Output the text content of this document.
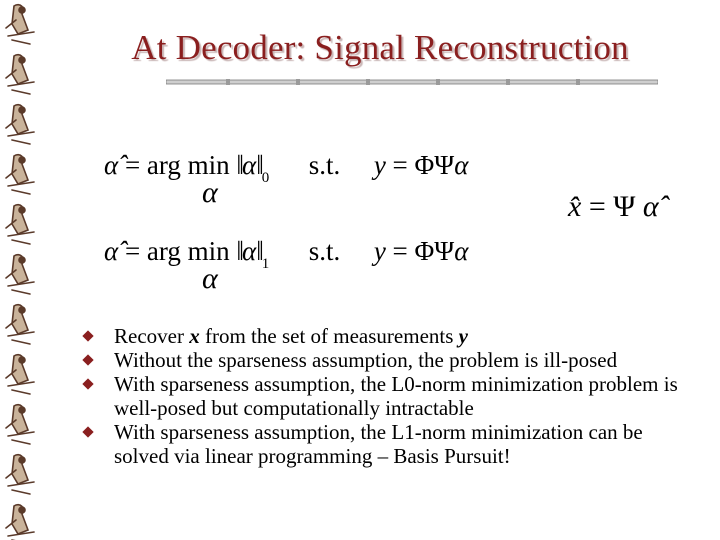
At Decoder: Signal Reconstruction
α̂ = arg $\min ‖\alpha‖_0$ s.t. y = ΦΨα
α
α̂ = arg $\min ‖\alpha‖_1$ s.t. y = ΦΨα
α
x̂ = Ψ α̂

Recover x from the set of measurements y

Without the sparseness assumption, the problem is ill-posed

With sparseness assumption, the L0-norm minimization problem is well-posed but computationally intractable

With sparseness assumption, the L1-norm minimization can be solved via linear programming – Basis Pursuit!
